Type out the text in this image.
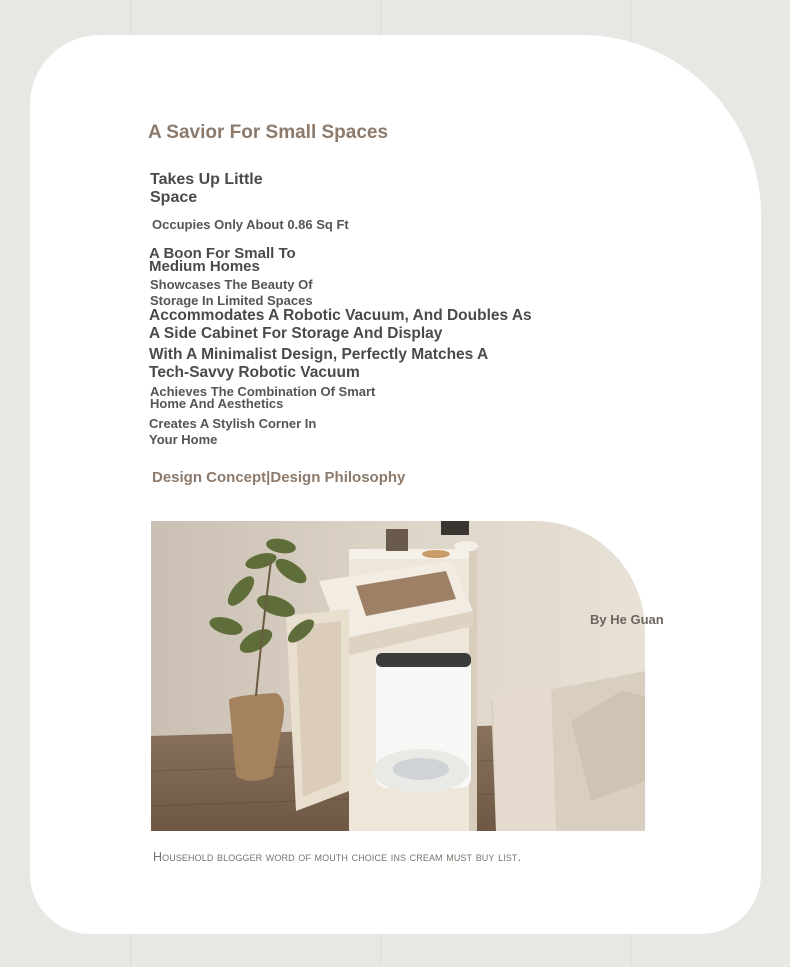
A Savior For Small Spaces
Takes Up Little Space
Occupies Only About 0.86 Sq Ft
A Boon For Small To Medium Homes
Showcases The Beauty Of Storage In Limited Spaces
Accommodates A Robotic Vacuum, And Doubles As A Side Cabinet For Storage And Display
With A Minimalist Design, Perfectly Matches A Tech-Savvy Robotic Vacuum
Achieves The Combination Of Smart Home And Aesthetics
Creates A Stylish Corner In Your Home
Design Concept|Design Philosophy
By He Guan
Household blogger word of mouth choice ins cream must buy list.
